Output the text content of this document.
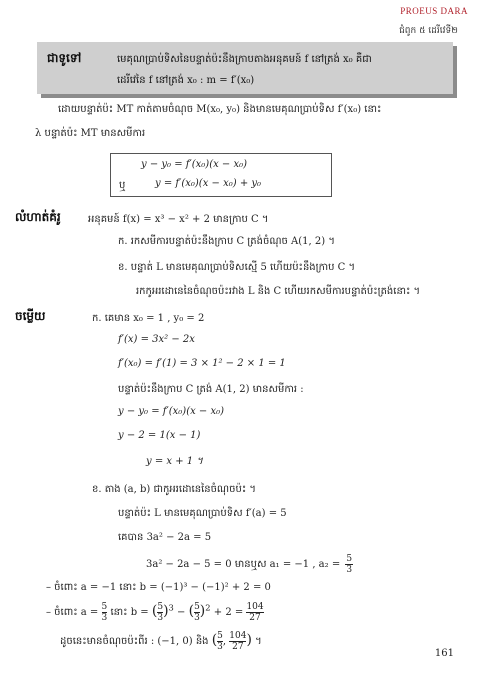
PROEUS DARA
ជំពូក ៥ ដេរីវេទី២
ជាទូទៅ	មេគុណប្រាប់ទិសនៃបន្ទាត់ប៉ះនឹងក្រាបតាងអនុគមន៍ f នៅត្រង់ x₀ គឺជា
ដេរីវេនៃ f នៅត្រង់ x₀ : m = f′(x₀)
ដោយបន្ទាត់ប៉ះ MT កាត់តាមចំណុច M(x₀, y₀) និងមានមេគុណប្រាប់ទិស f′(x₀) នោះ
λ បន្ទាត់ប៉ះ MT មានសមីការ
y − y₀ = f′(x₀)(x − x₀)
ឬ	y = f′(x₀)(x − x₀) + y₀
លំហាត់គំរូ	អនុគមន៍ f(x) = x³ − x² + 2 មានក្រាប C ។
ក. រកសមីការបន្ទាត់ប៉ះនឹងក្រាប C ត្រង់ចំណុច A(1, 2) ។
ខ. បន្ទាត់ L មានមេគុណប្រាប់ទិសស្មើ 5 ហើយប៉ះនឹងក្រាប C ។
រកកូអរដោនេនៃចំណុចប៉ះរវាង L និង C ហើយរកសមីការបន្ទាត់ប៉ះត្រង់នោះ ។
ចម្លើយ	ក. គេមាន x₀ = 1 , y₀ = 2
f′(x) = 3x² − 2x
f′(x₀) = f′(1) = 3 × 1² − 2 × 1 = 1
បន្ទាត់ប៉ះនឹងក្រាប C ត្រង់ A(1, 2) មានសមីការ :
y − y₀ = f′(x₀)(x − x₀)
y − 2 = 1(x − 1)
y = x + 1 ។
ខ. តាង (a, b) ជាកូអរដោនេនៃចំណុចប៉ះ ។
បន្ទាត់ប៉ះ L មានមេគុណប្រាប់ទិស f′(a) = 5
គេបាន 3a² − 2a = 5
3a² − 2a − 5 = 0 មានឬស a₁ = −1 , $a_2 = \frac{5}{3}$
– ចំពោះ a = −1 នោះ b = (−1)³ − (−1)² + 2 = 0
– ចំពោះ $a = \frac{5}{3}$ នោះ b = ( $\frac{5}{3} )^3$ − ( $\frac{5}{3} )^2 + 2 = \frac{104}{27}$
ដូចនេះមានចំណុចប៉ះពីរ : (−1, 0) និង ( $\frac{5}{3}$ , $\frac{104}{27}$ ) ។
161
